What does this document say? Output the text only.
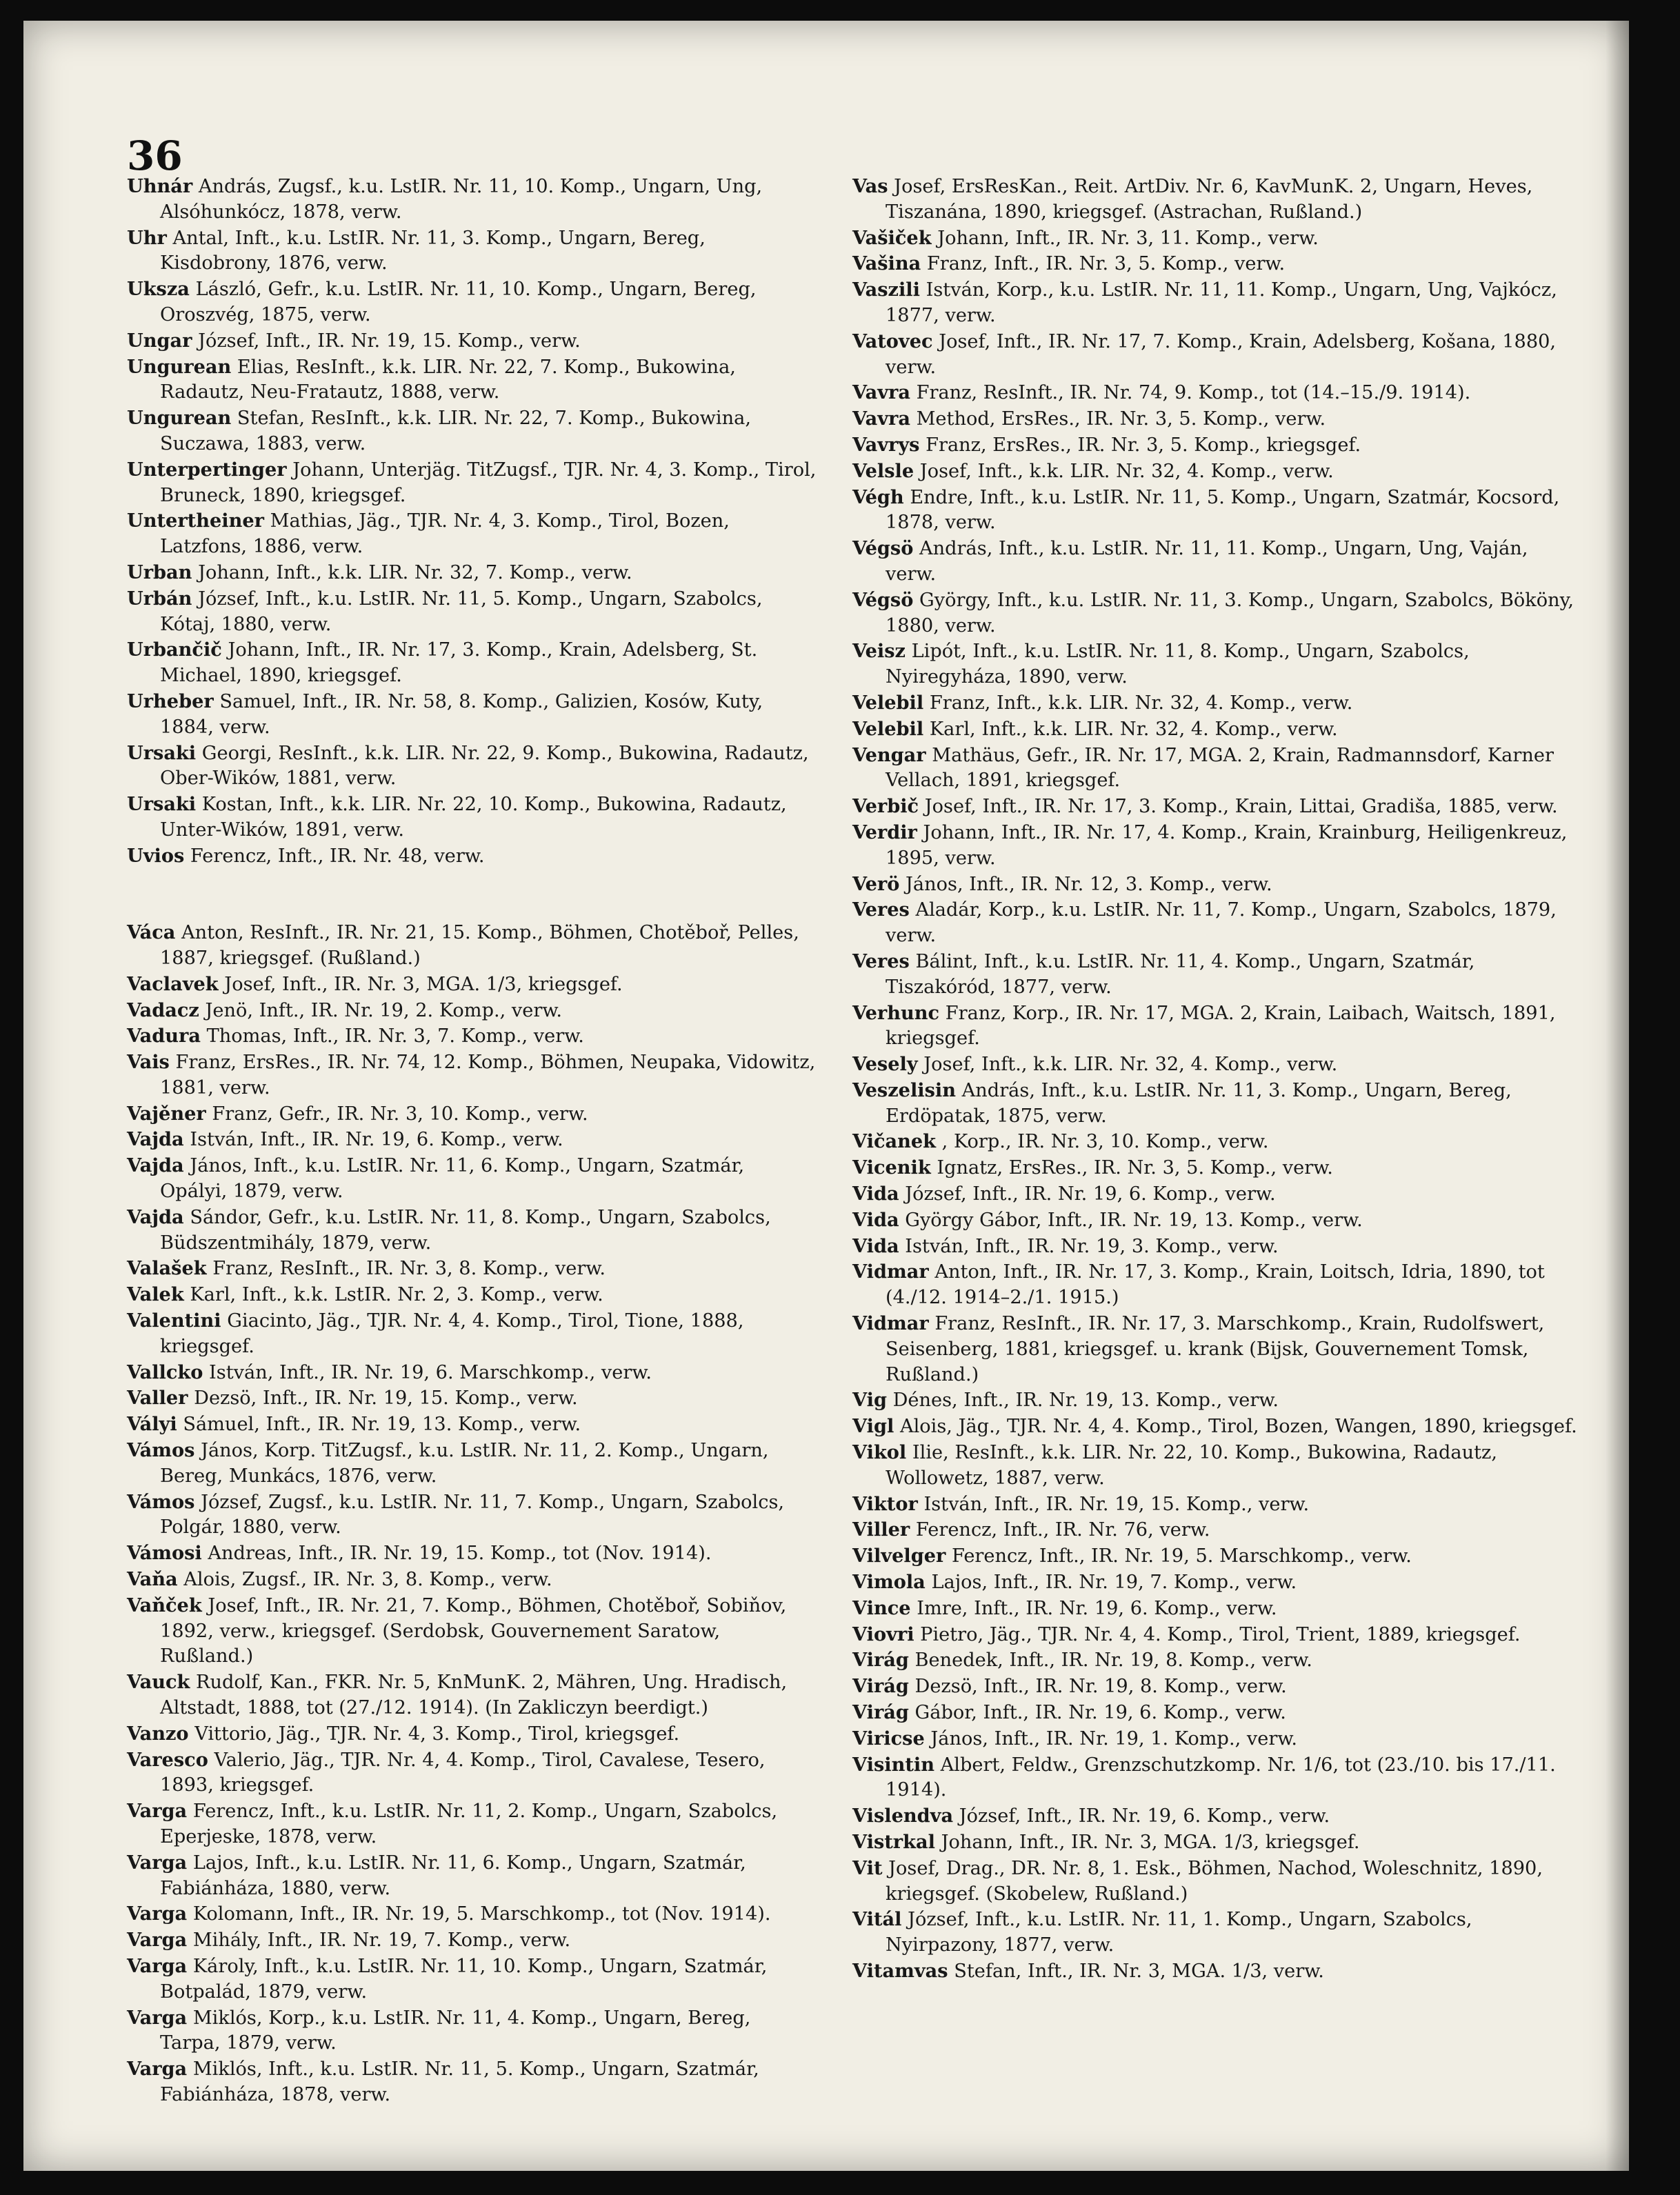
36
Uhnár András, Zugsf., k.u. LstIR. Nr. 11, 10. Komp., Ungarn, Ung, Alsóhunkócz, 1878, verw.
Uhr Antal, Inft., k.u. LstIR. Nr. 11, 3. Komp., Ungarn, Bereg, Kisdobrony, 1876, verw.
Uksza László, Gefr., k.u. LstIR. Nr. 11, 10. Komp., Ungarn, Bereg, Oroszvég, 1875, verw.
Ungar József, Inft., IR. Nr. 19, 15. Komp., verw.
Ungurean Elias, ResInft., k.k. LIR. Nr. 22, 7. Komp., Bukowina, Radautz, Neu-Fratautz, 1888, verw.
Ungurean Stefan, ResInft., k.k. LIR. Nr. 22, 7. Komp., Bukowina, Suczawa, 1883, verw.
Unterpertinger Johann, Unterjäg. TitZugsf., TJR. Nr. 4, 3. Komp., Tirol, Bruneck, 1890, kriegsgef.
Untertheiner Mathias, Jäg., TJR. Nr. 4, 3. Komp., Tirol, Bozen, Latzfons, 1886, verw.
Urban Johann, Inft., k.k. LIR. Nr. 32, 7. Komp., verw.
Urbán József, Inft., k.u. LstIR. Nr. 11, 5. Komp., Ungarn, Szabolcs, Kótaj, 1880, verw.
Urbančič Johann, Inft., IR. Nr. 17, 3. Komp., Krain, Adelsberg, St. Michael, 1890, kriegsgef.
Urheber Samuel, Inft., IR. Nr. 58, 8. Komp., Galizien, Kosów, Kuty, 1884, verw.
Ursaki Georgi, ResInft., k.k. LIR. Nr. 22, 9. Komp., Bukowina, Radautz, Ober-Wików, 1881, verw.
Ursaki Kostan, Inft., k.k. LIR. Nr. 22, 10. Komp., Bukowina, Radautz, Unter-Wików, 1891, verw.
Uvios Ferencz, Inft., IR. Nr. 48, verw.
Váca Anton, ResInft., IR. Nr. 21, 15. Komp., Böhmen, Chotěboř, Pelles, 1887, kriegsgef. (Rußland.)
Vaclavek Josef, Inft., IR. Nr. 3, MGA. 1/3, kriegsgef.
Vadacz Jenö, Inft., IR. Nr. 19, 2. Komp., verw.
Vadura Thomas, Inft., IR. Nr. 3, 7. Komp., verw.
Vais Franz, ErsRes., IR. Nr. 74, 12. Komp., Böhmen, Neupaka, Vidowitz, 1881, verw.
Vajěner Franz, Gefr., IR. Nr. 3, 10. Komp., verw.
Vajda István, Inft., IR. Nr. 19, 6. Komp., verw.
Vajda János, Inft., k.u. LstIR. Nr. 11, 6. Komp., Ungarn, Szatmár, Opályi, 1879, verw.
Vajda Sándor, Gefr., k.u. LstIR. Nr. 11, 8. Komp., Ungarn, Szabolcs, Büdszentmihály, 1879, verw.
Valašek Franz, ResInft., IR. Nr. 3, 8. Komp., verw.
Valek Karl, Inft., k.k. LstIR. Nr. 2, 3. Komp., verw.
Valentini Giacinto, Jäg., TJR. Nr. 4, 4. Komp., Tirol, Tione, 1888, kriegsgef.
Vallcko István, Inft., IR. Nr. 19, 6. Marschkomp., verw.
Valler Dezsö, Inft., IR. Nr. 19, 15. Komp., verw.
Vályi Sámuel, Inft., IR. Nr. 19, 13. Komp., verw.
Vámos János, Korp. TitZugsf., k.u. LstIR. Nr. 11, 2. Komp., Ungarn, Bereg, Munkács, 1876, verw.
Vámos József, Zugsf., k.u. LstIR. Nr. 11, 7. Komp., Ungarn, Szabolcs, Polgár, 1880, verw.
Vámosi Andreas, Inft., IR. Nr. 19, 15. Komp., tot (Nov. 1914).
Vaňa Alois, Zugsf., IR. Nr. 3, 8. Komp., verw.
Vaňček Josef, Inft., IR. Nr. 21, 7. Komp., Böhmen, Chotěboř, Sobiňov, 1892, verw., kriegsgef. (Serdobsk, Gouvernement Saratow, Rußland.)
Vauck Rudolf, Kan., FKR. Nr. 5, KnMunK. 2, Mähren, Ung. Hradisch, Altstadt, 1888, tot (27./12. 1914). (In Zakliczyn beerdigt.)
Vanzo Vittorio, Jäg., TJR. Nr. 4, 3. Komp., Tirol, kriegsgef.
Varesco Valerio, Jäg., TJR. Nr. 4, 4. Komp., Tirol, Cavalese, Tesero, 1893, kriegsgef.
Varga Ferencz, Inft., k.u. LstIR. Nr. 11, 2. Komp., Ungarn, Szabolcs, Eperjeske, 1878, verw.
Varga Lajos, Inft., k.u. LstIR. Nr. 11, 6. Komp., Ungarn, Szatmár, Fabiánháza, 1880, verw.
Varga Kolomann, Inft., IR. Nr. 19, 5. Marschkomp., tot (Nov. 1914).
Varga Mihály, Inft., IR. Nr. 19, 7. Komp., verw.
Varga Károly, Inft., k.u. LstIR. Nr. 11, 10. Komp., Ungarn, Szatmár, Botpalád, 1879, verw.
Varga Miklós, Korp., k.u. LstIR. Nr. 11, 4. Komp., Ungarn, Bereg, Tarpa, 1879, verw.
Varga Miklós, Inft., k.u. LstIR. Nr. 11, 5. Komp., Ungarn, Szatmár, Fabiánháza, 1878, verw.
Vas Josef, ErsResKan., Reit. ArtDiv. Nr. 6, KavMunK. 2, Ungarn, Heves, Tiszanána, 1890, kriegsgef. (Astrachan, Rußland.)
Vašiček Johann, Inft., IR. Nr. 3, 11. Komp., verw.
Vašina Franz, Inft., IR. Nr. 3, 5. Komp., verw.
Vaszili István, Korp., k.u. LstIR. Nr. 11, 11. Komp., Ungarn, Ung, Vajkócz, 1877, verw.
Vatovec Josef, Inft., IR. Nr. 17, 7. Komp., Krain, Adelsberg, Košana, 1880, verw.
Vavra Franz, ResInft., IR. Nr. 74, 9. Komp., tot (14.–15./9. 1914).
Vavra Method, ErsRes., IR. Nr. 3, 5. Komp., verw.
Vavrys Franz, ErsRes., IR. Nr. 3, 5. Komp., kriegsgef.
Velsle Josef, Inft., k.k. LIR. Nr. 32, 4. Komp., verw.
Végh Endre, Inft., k.u. LstIR. Nr. 11, 5. Komp., Ungarn, Szatmár, Kocsord, 1878, verw.
Végsö András, Inft., k.u. LstIR. Nr. 11, 11. Komp., Ungarn, Ung, Vaján, verw.
Végsö György, Inft., k.u. LstIR. Nr. 11, 3. Komp., Ungarn, Szabolcs, Bököny, 1880, verw.
Veisz Lipót, Inft., k.u. LstIR. Nr. 11, 8. Komp., Ungarn, Szabolcs, Nyiregyháza, 1890, verw.
Velebil Franz, Inft., k.k. LIR. Nr. 32, 4. Komp., verw.
Velebil Karl, Inft., k.k. LIR. Nr. 32, 4. Komp., verw.
Vengar Mathäus, Gefr., IR. Nr. 17, MGA. 2, Krain, Radmannsdorf, Karner Vellach, 1891, kriegsgef.
Verbič Josef, Inft., IR. Nr. 17, 3. Komp., Krain, Littai, Gradiša, 1885, verw.
Verdir Johann, Inft., IR. Nr. 17, 4. Komp., Krain, Krainburg, Heiligenkreuz, 1895, verw.
Verö János, Inft., IR. Nr. 12, 3. Komp., verw.
Veres Aladár, Korp., k.u. LstIR. Nr. 11, 7. Komp., Ungarn, Szabolcs, 1879, verw.
Veres Bálint, Inft., k.u. LstIR. Nr. 11, 4. Komp., Ungarn, Szatmár, Tiszakóród, 1877, verw.
Verhunc Franz, Korp., IR. Nr. 17, MGA. 2, Krain, Laibach, Waitsch, 1891, kriegsgef.
Vesely Josef, Inft., k.k. LIR. Nr. 32, 4. Komp., verw.
Veszelisin András, Inft., k.u. LstIR. Nr. 11, 3. Komp., Ungarn, Bereg, Erdöpatak, 1875, verw.
Vičanek , Korp., IR. Nr. 3, 10. Komp., verw.
Vicenik Ignatz, ErsRes., IR. Nr. 3, 5. Komp., verw.
Vida József, Inft., IR. Nr. 19, 6. Komp., verw.
Vida György Gábor, Inft., IR. Nr. 19, 13. Komp., verw.
Vida István, Inft., IR. Nr. 19, 3. Komp., verw.
Vidmar Anton, Inft., IR. Nr. 17, 3. Komp., Krain, Loitsch, Idria, 1890, tot (4./12. 1914–2./1. 1915.)
Vidmar Franz, ResInft., IR. Nr. 17, 3. Marschkomp., Krain, Rudolfswert, Seisenberg, 1881, kriegsgef. u. krank (Bijsk, Gouvernement Tomsk, Rußland.)
Vig Dénes, Inft., IR. Nr. 19, 13. Komp., verw.
Vigl Alois, Jäg., TJR. Nr. 4, 4. Komp., Tirol, Bozen, Wangen, 1890, kriegsgef.
Vikol Ilie, ResInft., k.k. LIR. Nr. 22, 10. Komp., Bukowina, Radautz, Wollowetz, 1887, verw.
Viktor István, Inft., IR. Nr. 19, 15. Komp., verw.
Viller Ferencz, Inft., IR. Nr. 76, verw.
Vilvelger Ferencz, Inft., IR. Nr. 19, 5. Marschkomp., verw.
Vimola Lajos, Inft., IR. Nr. 19, 7. Komp., verw.
Vince Imre, Inft., IR. Nr. 19, 6. Komp., verw.
Viovri Pietro, Jäg., TJR. Nr. 4, 4. Komp., Tirol, Trient, 1889, kriegsgef.
Virág Benedek, Inft., IR. Nr. 19, 8. Komp., verw.
Virág Dezsö, Inft., IR. Nr. 19, 8. Komp., verw.
Virág Gábor, Inft., IR. Nr. 19, 6. Komp., verw.
Viricse János, Inft., IR. Nr. 19, 1. Komp., verw.
Visintin Albert, Feldw., Grenzschutzkomp. Nr. 1/6, tot (23./10. bis 17./11. 1914).
Vislendva József, Inft., IR. Nr. 19, 6. Komp., verw.
Vistrkal Johann, Inft., IR. Nr. 3, MGA. 1/3, kriegsgef.
Vit Josef, Drag., DR. Nr. 8, 1. Esk., Böhmen, Nachod, Woleschnitz, 1890, kriegsgef. (Skobelew, Rußland.)
Vitál József, Inft., k.u. LstIR. Nr. 11, 1. Komp., Ungarn, Szabolcs, Nyirpazony, 1877, verw.
Vitamvas Stefan, Inft., IR. Nr. 3, MGA. 1/3, verw.
